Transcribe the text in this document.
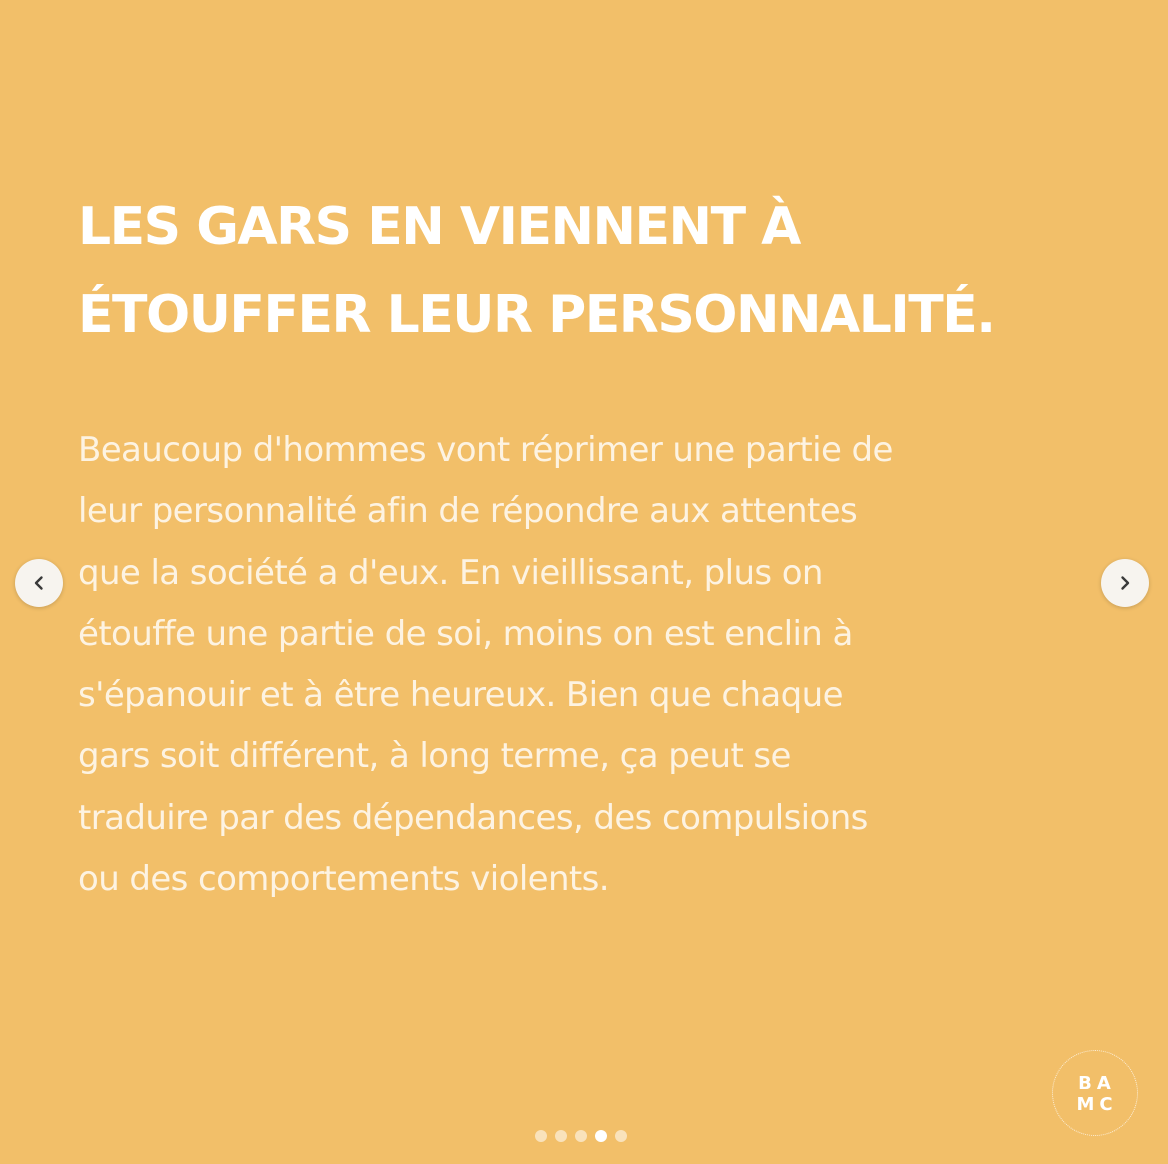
LES GARS EN VIENNENT À
ÉTOUFFER LEUR PERSONNALITÉ.
Beaucoup d'hommes vont réprimer une partie de
leur personnalité afin de répondre aux attentes
que la société a d'eux. En vieillissant, plus on
étouffe une partie de soi, moins on est enclin à
s'épanouir et à être heureux. Bien que chaque
gars soit différent, à long terme, ça peut se
traduire par des dépendances, des compulsions
ou des comportements violents.
BA
MC
